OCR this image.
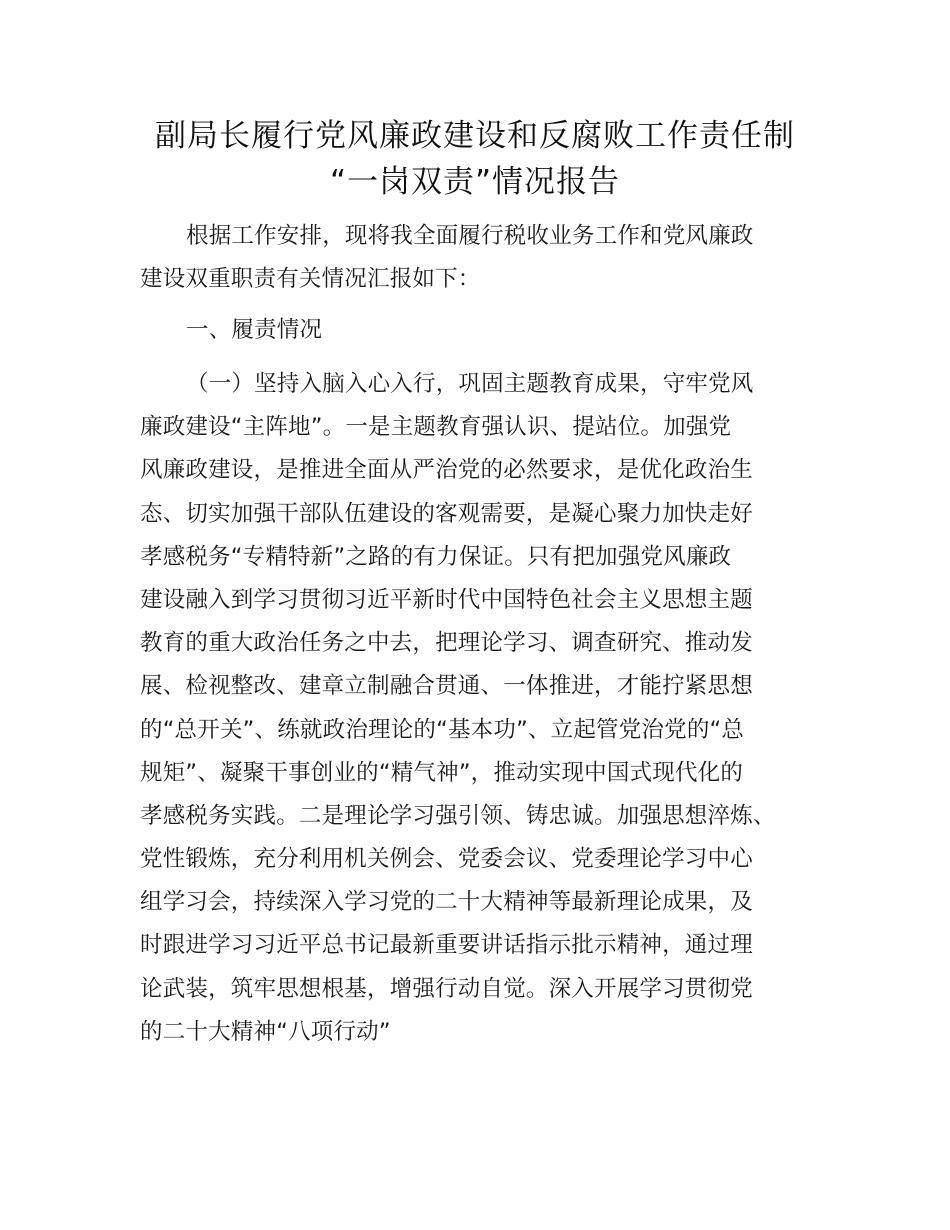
副局长履行党风廉政建设和反腐败工作责任制
“一岗双责”情况报告
根据工作安排，现将我全面履行税收业务工作和党风廉政
建设双重职责有关情况汇报如下：
一、履责情况
（一）坚持入脑入心入行，巩固主题教育成果，守牢党风
廉政建设“主阵地”。一是主题教育强认识、提站位。加强党
风廉政建设，是推进全面从严治党的必然要求，是优化政治生
态、切实加强干部队伍建设的客观需要，是凝心聚力加快走好
孝感税务“专精特新”之路的有力保证。只有把加强党风廉政
建设融入到学习贯彻习近平新时代中国特色社会主义思想主题
教育的重大政治任务之中去，把理论学习、调查研究、推动发
展、检视整改、建章立制融合贯通、一体推进，才能拧紧思想
的“总开关”、练就政治理论的“基本功”、立起管党治党的“总
规矩”、凝聚干事创业的“精气神”，推动实现中国式现代化的
孝感税务实践。二是理论学习强引领、铸忠诚。加强思想淬炼、
党性锻炼，充分利用机关例会、党委会议、党委理论学习中心
组学习会，持续深入学习党的二十大精神等最新理论成果，及
时跟进学习习近平总书记最新重要讲话指示批示精神，通过理
论武装，筑牢思想根基，增强行动自觉。深入开展学习贯彻党
的二十大精神“八项行动”
